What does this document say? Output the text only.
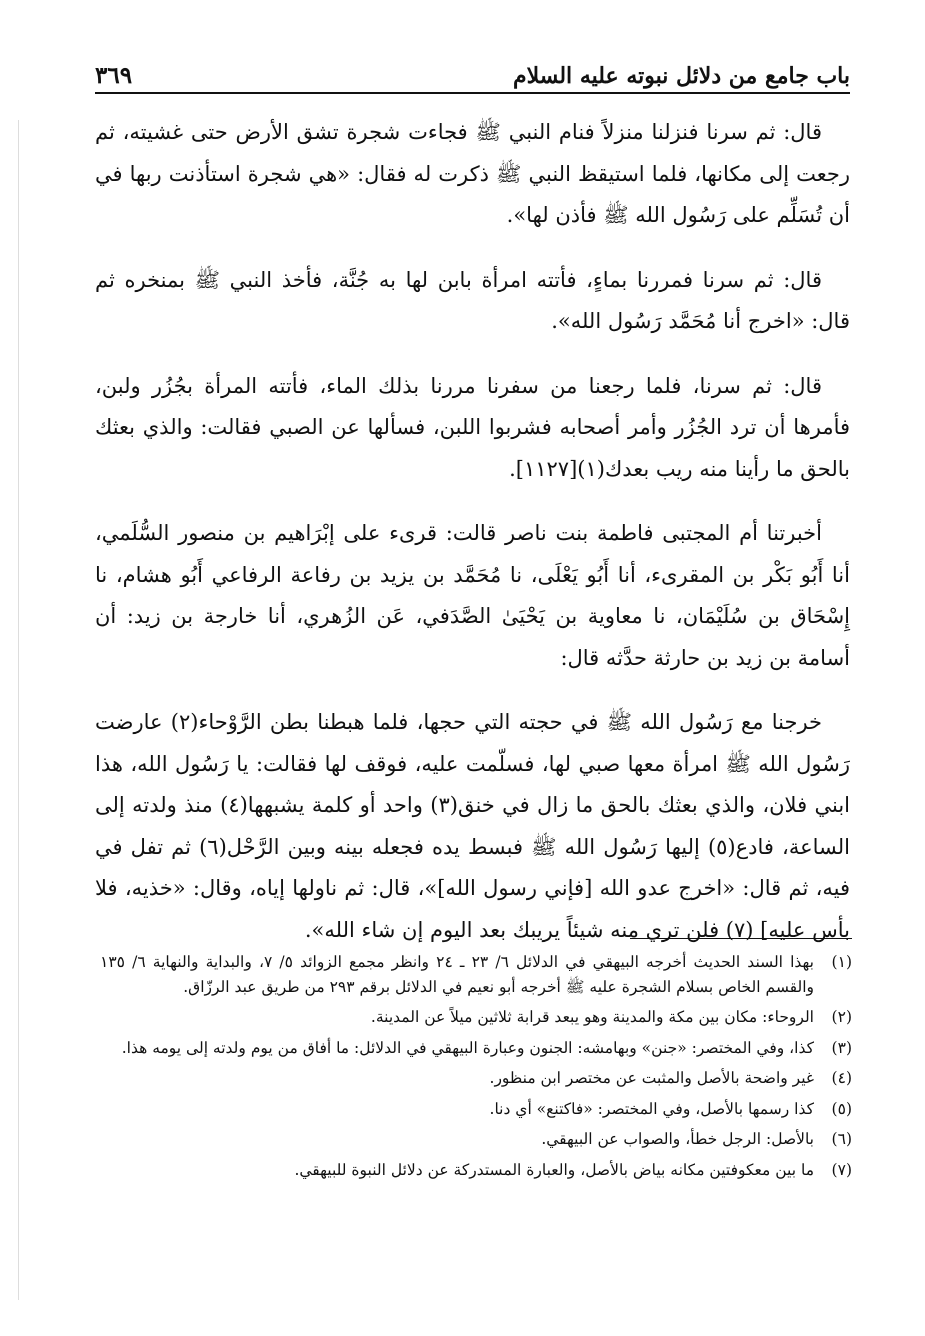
باب جامع من دلائل نبوته عليه السلام
٣٦٩

قال: ثم سرنا فنزلنا منزلاً فنام النبي ﷺ فجاءت شجرة تشق الأرض حتى غشيته، ثم رجعت إلى مكانها، فلما استيقظ النبي ﷺ ذكرت له فقال: «هي شجرة استأذنت ربها في أن تُسَلِّم على رَسُول الله ﷺ فأذن لها».

قال: ثم سرنا فمررنا بماءٍ، فأتته امرأة بابن لها به جُنَّة، فأخذ النبي ﷺ بمنخره ثم قال: «اخرج أنا مُحَمَّد رَسُول الله».

قال: ثم سرنا، فلما رجعنا من سفرنا مررنا بذلك الماء، فأتته المرأة بجُزُر ولبن، فأمرها أن ترد الجُزُر وأمر أصحابه فشربوا اللبن، فسألها عن الصبي فقالت: والذي بعثك بالحق ما رأينا منه ريب بعدك(١)[١١٢٧].

أخبرتنا أم المجتبى فاطمة بنت ناصر قالت: قرىء على إبْرَاهيم بن منصور السُّلَمي، أنا أَبُو بَكْر بن المقرىء، أنا أَبُو يَعْلَى، نا مُحَمَّد بن يزيد بن رفاعة الرفاعي أَبُو هشام، نا إِسْحَاق بن سُلَيْمَان، نا معاوية بن يَحْيَىٰ الصَّدَفي، عَن الزُهري، أنا خارجة بن زيد: أن أسامة بن زيد بن حارثة حدَّثه قال:

خرجنا مع رَسُول الله ﷺ في حجته التي حجها، فلما هبطنا بطن الرَّوْحاء(٢) عارضت رَسُول الله ﷺ امرأة معها صبي لها، فسلّمت عليه، فوقف لها فقالت: يا رَسُول الله، هذا ابني فلان، والذي بعثك بالحق ما زال في خنق(٣) واحد أو كلمة يشبهها(٤) منذ ولدته إلى الساعة، فادع(٥) إليها رَسُول الله ﷺ فبسط يده فجعله بينه وبين الرَّحْل(٦) ثم تفل في فيه، ثم قال: «اخرج عدو الله [فإني رسول الله]»، قال: ثم ناولها إياه، وقال: «خذيه، فلا بأس عليه] (٧) فلن تري منه شيئاً يريبك بعد اليوم إن شاء الله».

(١)
بهذا السند الحديث أخرجه البيهقي في الدلائل ٦/ ٢٣ ـ ٢٤ وانظر مجمع الزوائد ٥/ ٧، والبداية والنهاية ٦/ ١٣٥ والقسم الخاص بسلام الشجرة عليه ﷺ أخرجه أبو نعيم في الدلائل برقم ٢٩٣ من طريق عبد الرزّاق.
(٢)
الروحاء: مكان بين مكة والمدينة وهو يبعد قرابة ثلاثين ميلاً عن المدينة.
(٣)
كذا، وفي المختصر: «جنن» وبهامشه: الجنون وعبارة البيهقي في الدلائل: ما أفاق من يوم ولدته إلى يومه هذا.
(٤)
غير واضحة بالأصل والمثبت عن مختصر ابن منظور.
(٥)
كذا رسمها بالأصل، وفي المختصر: «فاكتنع» أي دنا.
(٦)
بالأصل: الرجل خطأ، والصواب عن البيهقي.
(٧)
ما بين معكوفتين مكانه بياض بالأصل، والعبارة المستدركة عن دلائل النبوة للبيهقي.
